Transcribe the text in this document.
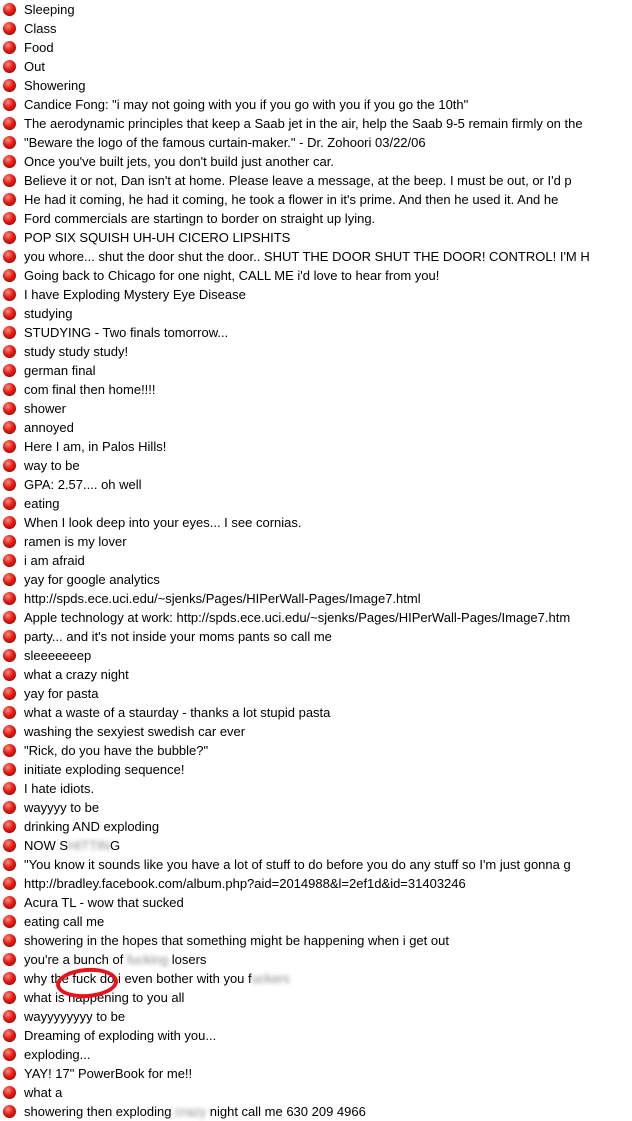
Sleeping
Class
Food
Out
Showering
Candice Fong: "i may not going with you if you go with you if you go the 10th"
The aerodynamic principles that keep a Saab jet in the air, help the Saab 9-5 remain firmly on the
"Beware the logo of the famous curtain-maker." - Dr. Zohoori 03/22/06
Once you've built jets, you don't build just another car.
Believe it or not, Dan isn't at home. Please leave a message, at the beep. I must be out, or I'd p
He had it coming, he had it coming, he took a flower in it's prime. And then he used it. And he
Ford commercials are startingn to border on straight up lying.
POP SIX SQUISH UH-UH CICERO LIPSHITS
you whore... shut the door shut the door.. SHUT THE DOOR SHUT THE DOOR! CONTROL! I'M H
Going back to Chicago for one night, CALL ME i'd love to hear from you!
I have Exploding Mystery Eye Disease
studying
STUDYING - Two finals tomorrow...
study study study!
german final
com final then home!!!!
shower
annoyed
Here I am, in Palos Hills!
way to be
GPA: 2.57.... oh well
eating
When I look deep into your eyes... I see cornias.
ramen is my lover
i am afraid
yay for google analytics
http://spds.ece.uci.edu/~sjenks/Pages/HIPerWall-Pages/Image7.html
Apple technology at work: http://spds.ece.uci.edu/~sjenks/Pages/HIPerWall-Pages/Image7.htm
party... and it's not inside your moms pants so call me
sleeeeeeep
what a crazy night
yay for pasta
what a waste of a staurday - thanks a lot stupid pasta
washing the sexyiest swedish car ever
"Rick, do you have the bubble?"
initiate exploding sequence!
I hate idiots.
wayyyy to be
drinking AND exploding
NOW SHITTING
"You know it sounds like you have a lot of stuff to do before you do any stuff so I'm just gonna g
http://bradley.facebook.com/album.php?aid=2014988&l=2ef1d&id=31403246
Acura TL - wow that sucked
eating call me
showering in the hopes that something might be happening when i get out
you're a bunch of fucking losers
why the fuck do i even bother with you fuckers
what is happening to you all
wayyyyyyyy to be
Dreaming of exploding with you...
exploding...
YAY! 17" PowerBook for me!!
what a
showering then exploding crazy night call me 630 209 4966
